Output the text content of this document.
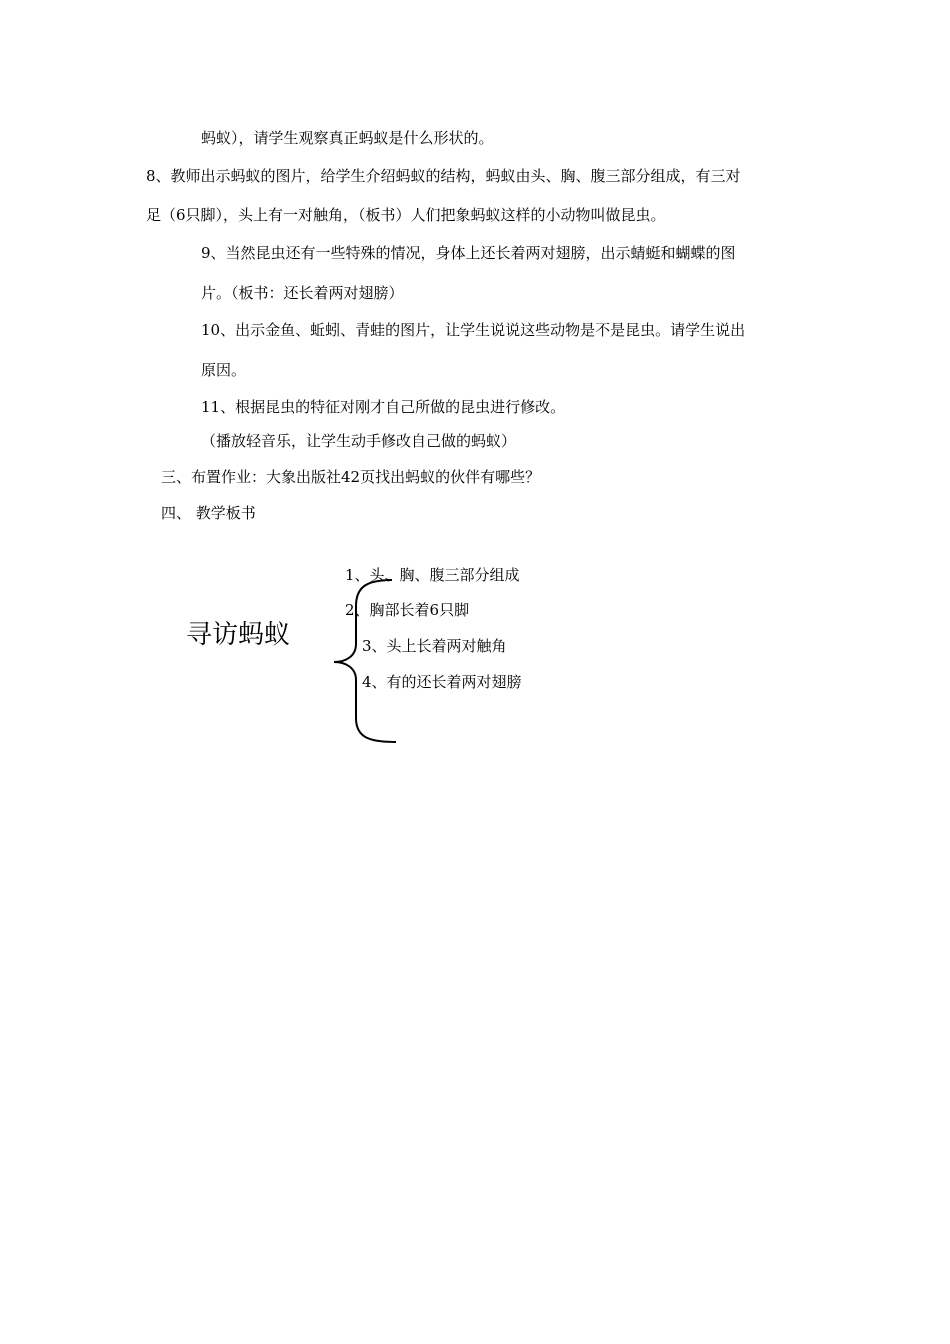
蚂蚁），请学生观察真正蚂蚁是什么形状的。
8、教师出示蚂蚁的图片，给学生介绍蚂蚁的结构，蚂蚁由头、胸、腹三部分组成，有三对
足（6只脚），头上有一对触角，（板书）人们把象蚂蚁这样的小动物叫做昆虫。
9、当然昆虫还有一些特殊的情况，身体上还长着两对翅膀，出示蜻蜓和蝴蝶的图
片。（板书：还长着两对翅膀）
10、出示金鱼、蚯蚓、青蛙的图片，让学生说说这些动物是不是昆虫。请学生说出
原因。
11、根据昆虫的特征对刚才自己所做的昆虫进行修改。
（播放轻音乐，让学生动手修改自己做的蚂蚁）
三、布置作业：大象出版社42页找出蚂蚁的伙伴有哪些？
四、 教学板书
寻访蚂蚁
1、头、胸、腹三部分组成
2、胸部长着6只脚
3、头上长着两对触角
4、有的还长着两对翅膀
